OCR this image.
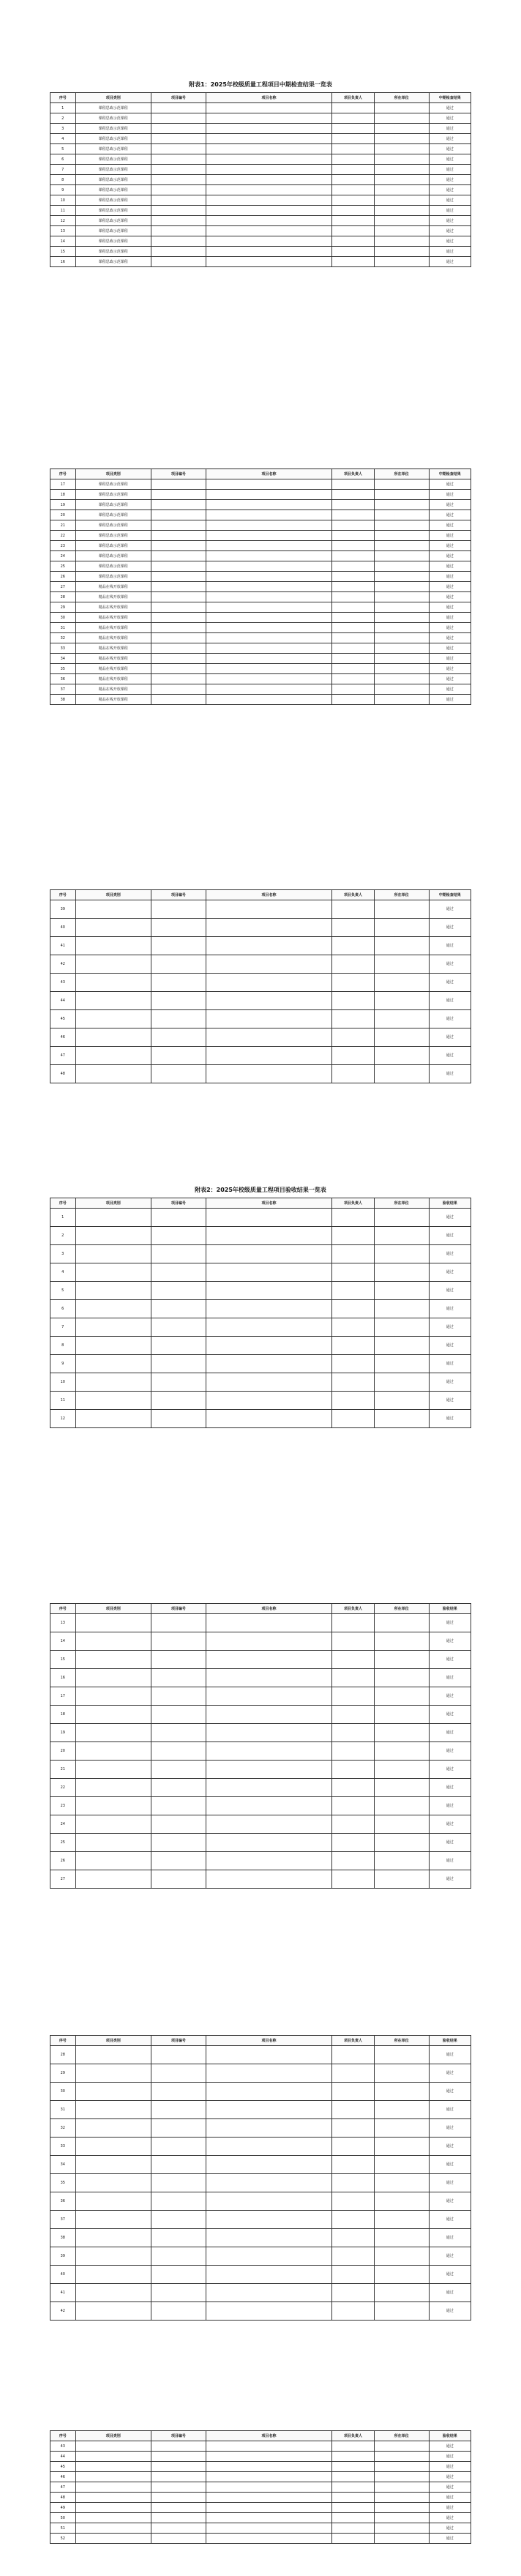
附表1：2025年校级质量工程项目中期检查结果一览表
序号	项目类别	项目编号	项目名称	项目负责人	所在单位	中期检查结果
1	课程思政示范课程					通过
2	课程思政示范课程					通过
3	课程思政示范课程					通过
4	课程思政示范课程					通过
5	课程思政示范课程					通过
6	课程思政示范课程					通过
7	课程思政示范课程					通过
8	课程思政示范课程					通过
9	课程思政示范课程					通过
10	课程思政示范课程					通过
11	课程思政示范课程					通过
12	课程思政示范课程					通过
13	课程思政示范课程					通过
14	课程思政示范课程					通过
15	课程思政示范课程					通过
16	课程思政示范课程					通过
序号	项目类别	项目编号	项目名称	项目负责人	所在单位	中期检查结果
17	课程思政示范课程					通过
18	课程思政示范课程					通过
19	课程思政示范课程					通过
20	课程思政示范课程					通过
21	课程思政示范课程					通过
22	课程思政示范课程					通过
23	课程思政示范课程					通过
24	课程思政示范课程					通过
25	课程思政示范课程					通过
26	课程思政示范课程					通过
27	精品在线开放课程					通过
28	精品在线开放课程					通过
29	精品在线开放课程					通过
30	精品在线开放课程					通过
31	精品在线开放课程					通过
32	精品在线开放课程					通过
33	精品在线开放课程					通过
34	精品在线开放课程					通过
35	精品在线开放课程					通过
36	精品在线开放课程					通过
37	精品在线开放课程					通过
38	精品在线开放课程					通过
序号	项目类别	项目编号	项目名称	项目负责人	所在单位	中期检查结果
39						通过
40						通过
41						通过
42						通过
43						通过
44						通过
45						通过
46						通过
47						通过
48						通过
附表2：2025年校级质量工程项目验收结果一览表
序号	项目类别	项目编号	项目名称	项目负责人	所在单位	验收结果
1						通过
2						通过
3						通过
4						通过
5						通过
6						通过
7						通过
8						通过
9						通过
10						通过
11						通过
12						通过
序号	项目类别	项目编号	项目名称	项目负责人	所在单位	验收结果
13						通过
14						通过
15						通过
16						通过
17						通过
18						通过
19						通过
20						通过
21						通过
22						通过
23						通过
24						通过
25						通过
26						通过
27						通过
序号	项目类别	项目编号	项目名称	项目负责人	所在单位	验收结果
28						通过
29						通过
30						通过
31						通过
32						通过
33						通过
34						通过
35						通过
36						通过
37						通过
38						通过
39						通过
40						通过
41						通过
42						通过
序号	项目类别	项目编号	项目名称	项目负责人	所在单位	验收结果
43						通过
44						通过
45						通过
46						通过
47						通过
48						通过
49						通过
50						通过
51						通过
52						通过
